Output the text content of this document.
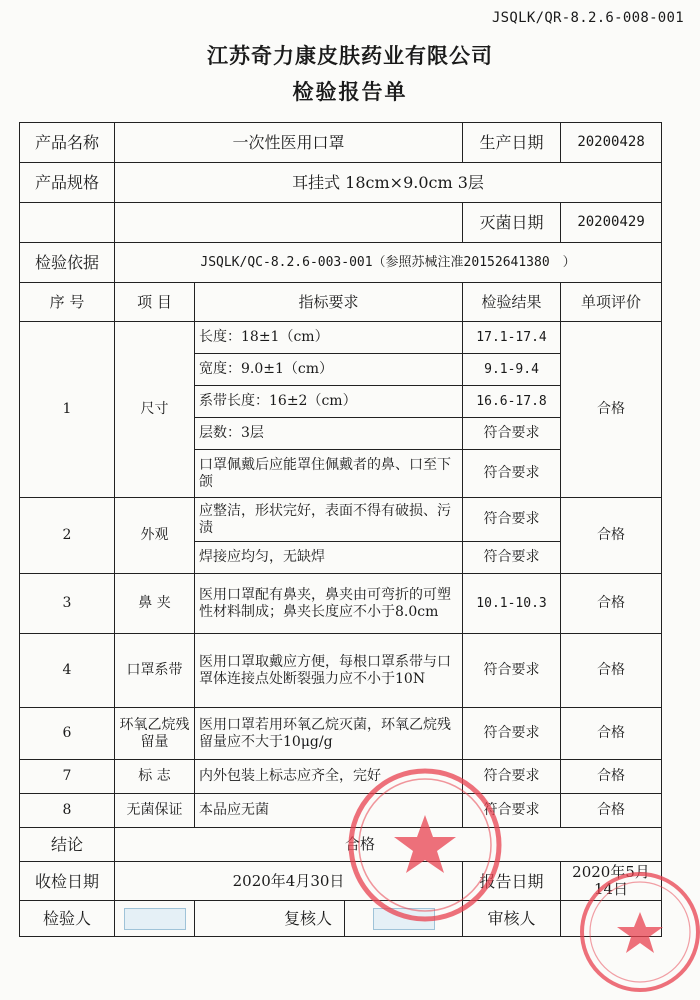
JSQLK/QR-8.2.6-008-001
江苏奇力康皮肤药业有限公司
检验报告单
产品名称	一次性医用口罩			生产日期	20200428
产品规格	耳挂式 18cm×9.0cm 3层				
				灭菌日期	20200429
检验依据	JSQLK/QC-8.2.6-003-001（参照苏械注准20152641380　）				
序 号	项 目	指标要求		检验结果	单项评价
1	尺寸	长度：18±1（cm）		17.1-17.4	合格
		宽度：9.0±1（cm）		9.1-9.4	
		系带长度：16±2（cm）		16.6-17.8	
		层数：3层		符合要求	
		口罩佩戴后应能罩住佩戴者的鼻、口至下颌		符合要求	
2	外观	应整洁，形状完好，表面不得有破损、污渍		符合要求	合格
		焊接应均匀，无缺焊		符合要求	
3	鼻 夹	医用口罩配有鼻夹，鼻夹由可弯折的可塑性材料制成；鼻夹长度应不小于8.0cm		10.1-10.3	合格
4	口罩系带	医用口罩取戴应方便，每根口罩系带与口罩体连接点处断裂强力应不小于10N		符合要求	合格
6	环氧乙烷残留量	医用口罩若用环氧乙烷灭菌，环氧乙烷残留量应不大于10μg/g		符合要求	合格
7	标 志	内外包装上标志应齐全，完好		符合要求	合格
8	无菌保证	本品应无菌		符合要求	合格
结论	合格				
收检日期	2020年4月30日			报告日期	2020年5月14日
检验人		复核人		审核人	
